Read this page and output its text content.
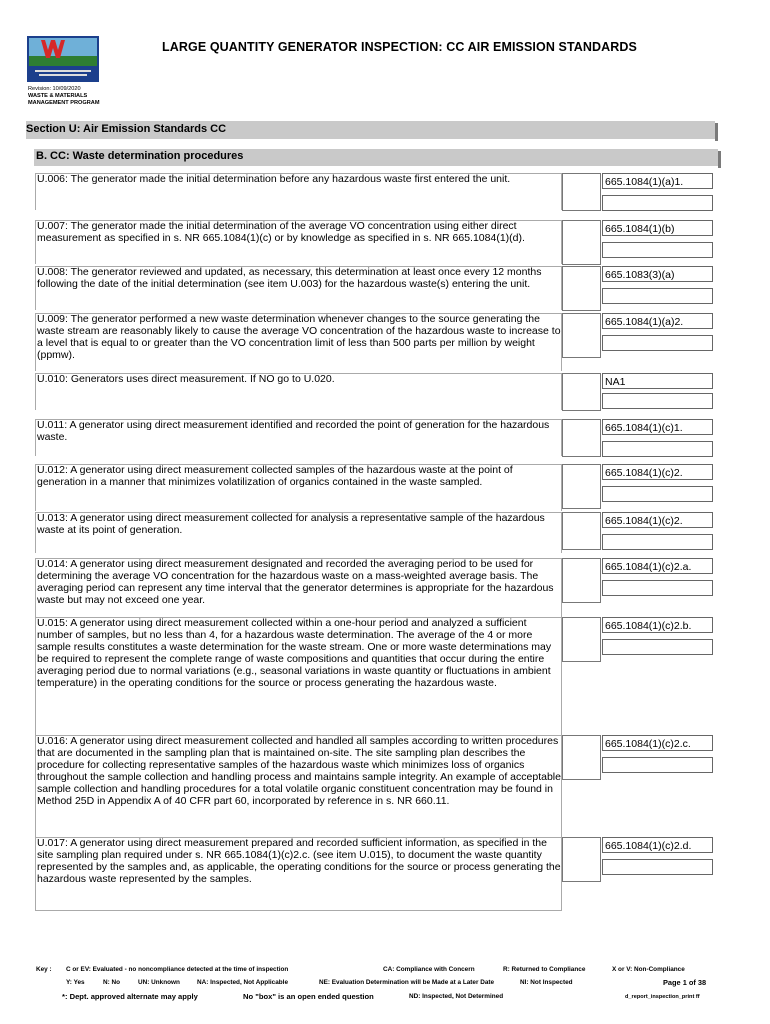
LARGE QUANTITY GENERATOR INSPECTION: CC AIR EMISSION STANDARDS
Revision: 10/09/2020
WASTE & MATERIALS
MANAGEMENT PROGRAM
Section U: Air Emission Standards CC
B. CC: Waste determination procedures
U.006: The generator made the initial determination before any hazardous waste first entered the unit.	665.1084(1)(a)1.
U.007: The generator made the initial determination of the average VO concentration using either direct measurement as specified in s. NR 665.1084(1)(c) or by knowledge as specified in s. NR 665.1084(1)(d).
665.1084(1)(b)
U.008: The generator reviewed and updated, as necessary, this determination at least once every 12 months following the date of the initial determination (see item U.003) for the hazardous waste(s) entering the unit.
665.1083(3)(a)
U.009: The generator performed a new waste determination whenever changes to the source generating the waste stream are reasonably likely to cause the average VO concentration of the hazardous waste to increase to a level that is equal to or greater than the VO concentration limit of less than 500 parts per million by weight (ppmw).
665.1084(1)(a)2.
U.010: Generators uses direct measurement. If NO go to U.020.	NA1
U.011: A generator using direct measurement identified and recorded the point of generation for the hazardous waste.
665.1084(1)(c)1.
U.012: A generator using direct measurement collected samples of the hazardous waste at the point of generation in a manner that minimizes volatilization of organics contained in the waste sampled.
665.1084(1)(c)2.
U.013: A generator using direct measurement collected for analysis a representative sample of the hazardous waste at its point of generation.
665.1084(1)(c)2.
U.014: A generator using direct measurement designated and recorded the averaging period to be used for determining the average VO concentration for the hazardous waste on a mass-weighted average basis. The averaging period can represent any time interval that the generator determines is appropriate for the hazardous waste but may not exceed one year.
665.1084(1)(c)2.a.
U.015: A generator using direct measurement collected within a one-hour period and analyzed a sufficient number of samples, but no less than 4, for a hazardous waste determination. The average of the 4 or more sample results constitutes a waste determination for the waste stream. One or more waste determinations may be required to represent the complete range of waste compositions and quantities that occur during the entire averaging period due to normal variations (e.g., seasonal variations in waste quantity or fluctuations in ambient temperature) in the operating conditions for the source or process generating the hazardous waste.
665.1084(1)(c)2.b.
U.016: A generator using direct measurement collected and handled all samples according to written procedures that are documented in the sampling plan that is maintained on-site. The site sampling plan describes the procedure for collecting representative samples of the hazardous waste which minimizes loss of organics throughout the sample collection and handling process and maintains sample integrity. An example of acceptable sample collection and handling procedures for a total volatile organic constituent concentration may be found in Method 25D in Appendix A of 40 CFR part 60, incorporated by reference in s. NR 660.11.
665.1084(1)(c)2.c.
U.017: A generator using direct measurement prepared and recorded sufficient information, as specified in the site sampling plan required under s. NR 665.1084(1)(c)2.c. (see item U.015), to document the waste quantity represented by the samples and, as applicable, the operating conditions for the source or process generating the hazardous waste represented by the samples.
665.1084(1)(c)2.d.
Key : C or EV: Evaluated - no noncompliance detected at the time of inspection	CA: Compliance with Concern	R: Returned to Compliance	X or V: Non-Compliance
Y: Yes	N: No	UN: Unknown	NA: Inspected, Not Applicable	NE: Evaluation Determination will be Made at a Later Date	NI: Not Inspected	Page 1 of 38
*: Dept. approved alternate may apply	No "box" is an open ended question	ND: Inspected, Not Determined	d_report_inspection_print ff
